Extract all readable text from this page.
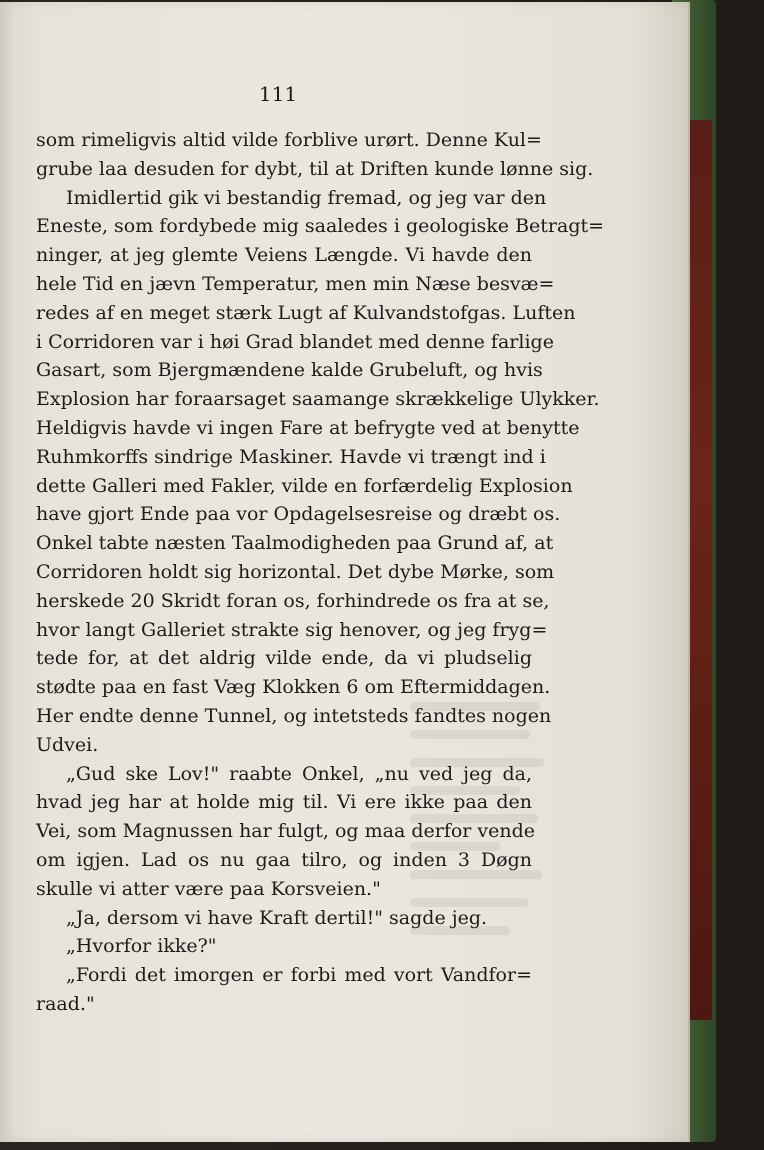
111
som rimeligvis altid vilde forblive urørt. Denne Kul=
grube laa desuden for dybt, til at Driften kunde lønne sig.
Imidlertid gik vi bestandig fremad, og jeg var den
Eneste, som fordybede mig saaledes i geologiske Betragt=
ninger, at jeg glemte Veiens Længde. Vi havde den
hele Tid en jævn Temperatur, men min Næse besvæ=
redes af en meget stærk Lugt af Kulvandstofgas. Luften
i Corridoren var i høi Grad blandet med denne farlige
Gasart, som Bjergmændene kalde Grubeluft, og hvis
Explosion har foraarsaget saamange skrækkelige Ulykker.
Heldigvis havde vi ingen Fare at befrygte ved at benytte
Ruhmkorffs sindrige Maskiner. Havde vi trængt ind i
dette Galleri med Fakler, vilde en forfærdelig Explosion
have gjort Ende paa vor Opdagelsesreise og dræbt os.
Onkel tabte næsten Taalmodigheden paa Grund af, at
Corridoren holdt sig horizontal. Det dybe Mørke, som
herskede 20 Skridt foran os, forhindrede os fra at se,
hvor langt Galleriet strakte sig henover, og jeg fryg=
tede for, at det aldrig vilde ende, da vi pludselig
stødte paa en fast Væg Klokken 6 om Eftermiddagen.
Her endte denne Tunnel, og intetsteds fandtes nogen
Udvei.
„Gud ske Lov!" raabte Onkel, „nu ved jeg da,
hvad jeg har at holde mig til. Vi ere ikke paa den
Vei, som Magnussen har fulgt, og maa derfor vende
om igjen. Lad os nu gaa tilro, og inden 3 Døgn
skulle vi atter være paa Korsveien."
„Ja, dersom vi have Kraft dertil!" sagde jeg.
„Hvorfor ikke?"
„Fordi det imorgen er forbi med vort Vandfor=
raad."
